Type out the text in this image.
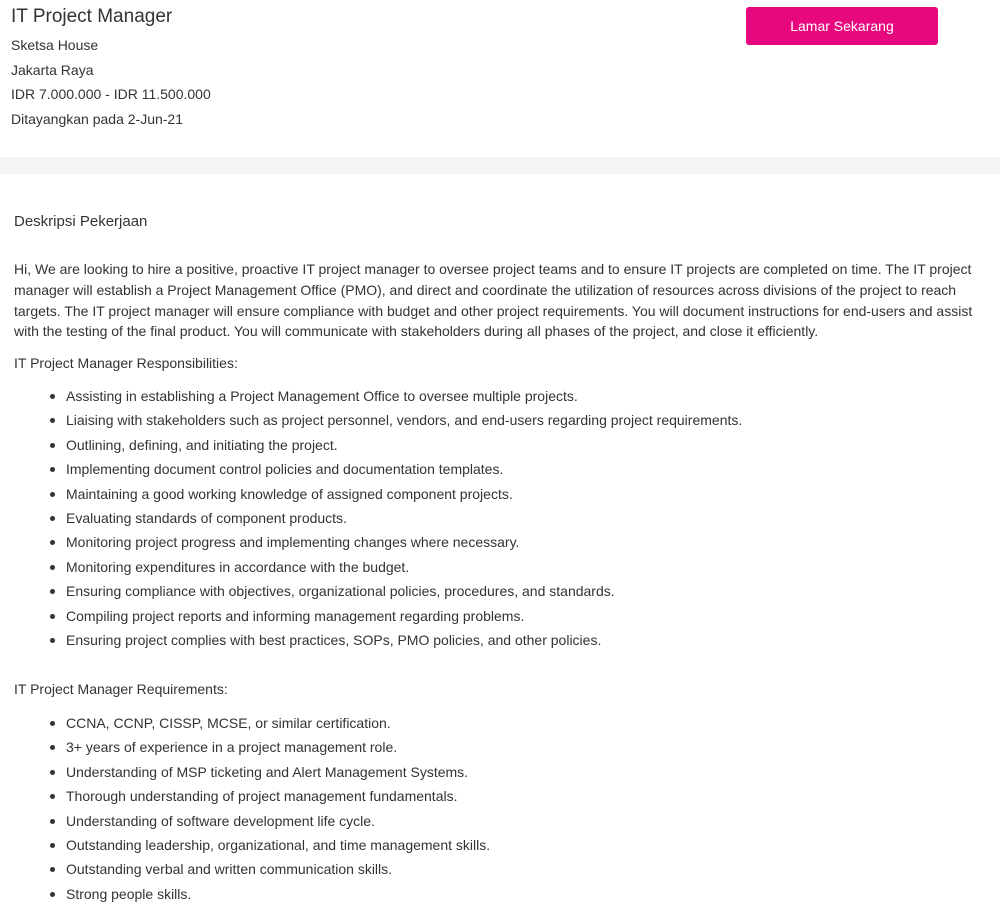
IT Project Manager
Sketsa House
Jakarta Raya
IDR 7.000.000 - IDR 11.500.000
Ditayangkan pada 2-Jun-21
Lamar Sekarang
Deskripsi Pekerjaan

Hi, We are looking to hire a positive, proactive IT project manager to oversee project teams and to ensure IT projects are completed on time. The IT project manager will establish a Project Management Office (PMO), and direct and coordinate the utilization of resources across divisions of the project to reach targets. The IT project manager will ensure compliance with budget and other project requirements. You will document instructions for end-users and assist with the testing of the final product. You will communicate with stakeholders during all phases of the project, and close it efficiently.

IT Project Manager Responsibilities:

Assisting in establishing a Project Management Office to oversee multiple projects.
Liaising with stakeholders such as project personnel, vendors, and end-users regarding project requirements.
Outlining, defining, and initiating the project.
Implementing document control policies and documentation templates.
Maintaining a good working knowledge of assigned component projects.
Evaluating standards of component products.
Monitoring project progress and implementing changes where necessary.
Monitoring expenditures in accordance with the budget.
Ensuring compliance with objectives, organizational policies, procedures, and standards.
Compiling project reports and informing management regarding problems.
Ensuring project complies with best practices, SOPs, PMO policies, and other policies.

IT Project Manager Requirements:

CCNA, CCNP, CISSP, MCSE, or similar certification.
3+ years of experience in a project management role.
Understanding of MSP ticketing and Alert Management Systems.
Thorough understanding of project management fundamentals.
Understanding of software development life cycle.
Outstanding leadership, organizational, and time management skills.
Outstanding verbal and written communication skills.
Strong people skills.
